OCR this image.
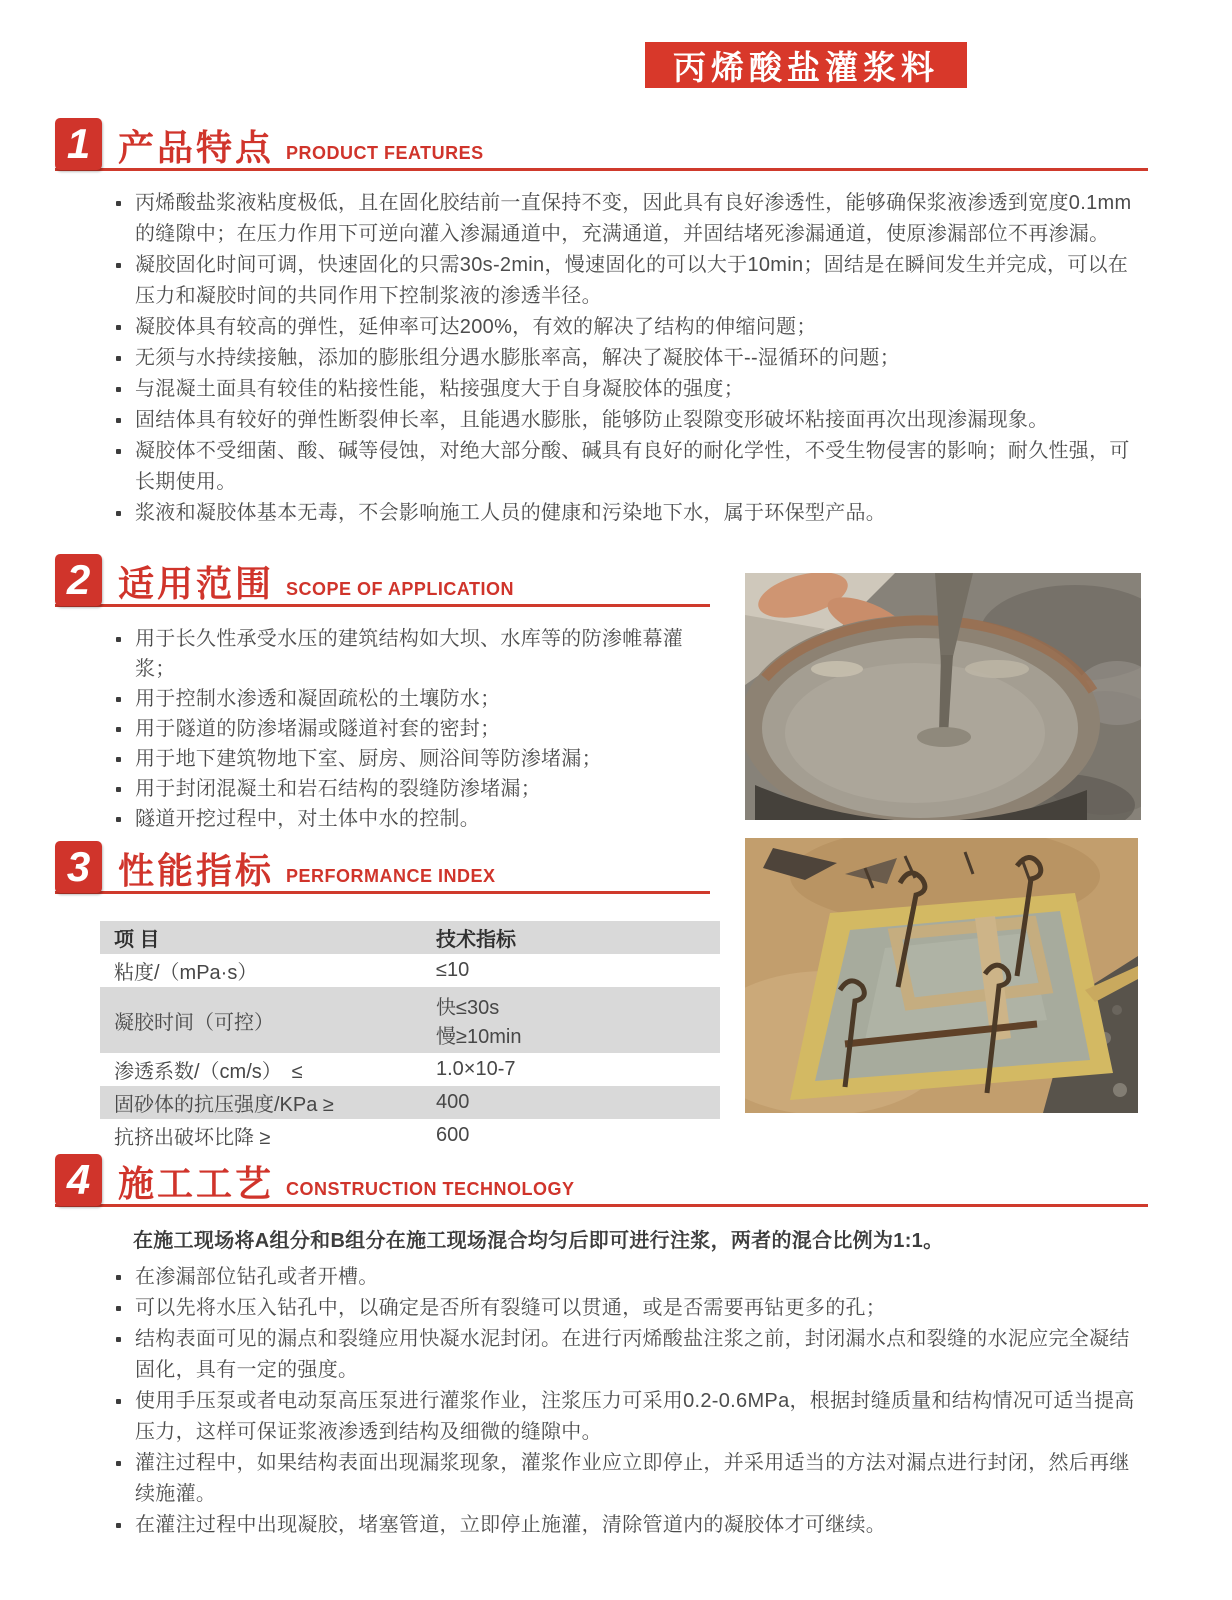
丙烯酸盐灌浆料
1 产品特点 PRODUCT FEATURES
丙烯酸盐浆液粘度极低，且在固化胶结前一直保持不变，因此具有良好渗透性，能够确保浆液渗透到宽度0.1mm的缝隙中；在压力作用下可逆向灌入渗漏通道中，充满通道，并固结堵死渗漏通道，使原渗漏部位不再渗漏。
凝胶固化时间可调，快速固化的只需30s-2min，慢速固化的可以大于10min；固结是在瞬间发生并完成，可以在压力和凝胶时间的共同作用下控制浆液的渗透半径。
凝胶体具有较高的弹性，延伸率可达200%，有效的解决了结构的伸缩问题；
无须与水持续接触，添加的膨胀组分遇水膨胀率高，解决了凝胶体干--湿循环的问题；
与混凝土面具有较佳的粘接性能，粘接强度大于自身凝胶体的强度；
固结体具有较好的弹性断裂伸长率，且能遇水膨胀，能够防止裂隙变形破坏粘接面再次出现渗漏现象。
凝胶体不受细菌、酸、碱等侵蚀，对绝大部分酸、碱具有良好的耐化学性，不受生物侵害的影响；耐久性强，可长期使用。
浆液和凝胶体基本无毒，不会影响施工人员的健康和污染地下水，属于环保型产品。
2 适用范围 SCOPE OF APPLICATION
用于长久性承受水压的建筑结构如大坝、水库等的防渗帷幕灌浆；
用于控制水渗透和凝固疏松的土壤防水；
用于隧道的防渗堵漏或隧道衬套的密封；
用于地下建筑物地下室、厨房、厕浴间等防渗堵漏；
用于封闭混凝土和岩石结构的裂缝防渗堵漏；
隧道开挖过程中，对土体中水的控制。
3 性能指标 PERFORMANCE INDEX
项 目	技术指标
粘度/（mPa·s）	≤10
凝胶时间（可控）	快≤30s
慢≥10min

渗透系数/（cm/s）　≤	1.0×10-7
固砂体的抗压强度/KPa ≥	400
抗挤出破坏比降 ≥	600
4 施工工艺 CONSTRUCTION TECHNOLOGY

在施工现场将A组分和B组分在施工现场混合均匀后即可进行注浆，两者的混合比例为1:1。

在渗漏部位钻孔或者开槽。
可以先将水压入钻孔中，以确定是否所有裂缝可以贯通，或是否需要再钻更多的孔；
结构表面可见的漏点和裂缝应用快凝水泥封闭。在进行丙烯酸盐注浆之前，封闭漏水点和裂缝的水泥应完全凝结固化，具有一定的强度。
使用手压泵或者电动泵高压泵进行灌浆作业，注浆压力可采用0.2-0.6MPa，根据封缝质量和结构情况可适当提高压力，这样可保证浆液渗透到结构及细微的缝隙中。
灌注过程中，如果结构表面出现漏浆现象，灌浆作业应立即停止，并采用适当的方法对漏点进行封闭，然后再继续施灌。
在灌注过程中出现凝胶，堵塞管道，立即停止施灌，清除管道内的凝胶体才可继续。
